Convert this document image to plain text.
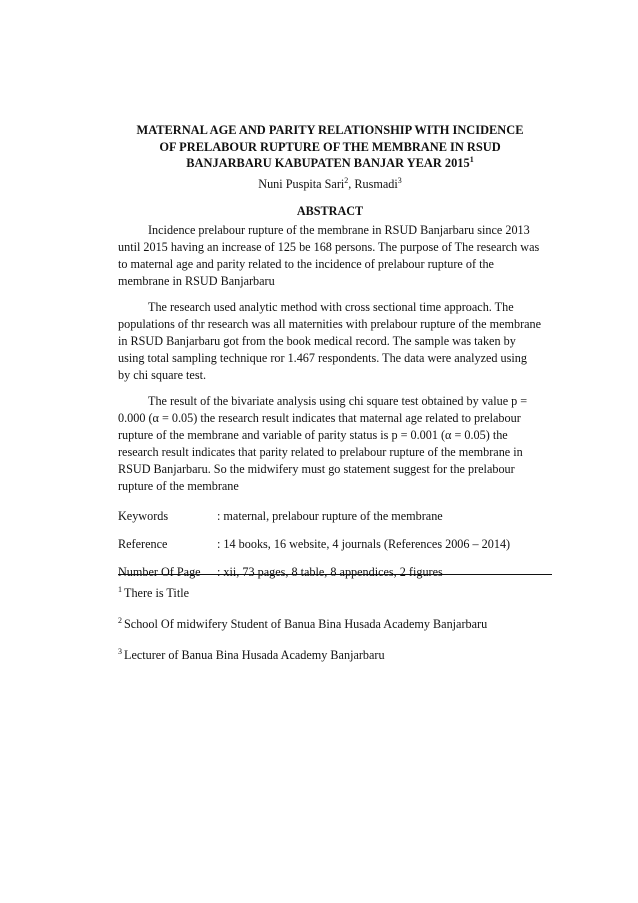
MATERNAL AGE AND PARITY RELATIONSHIP WITH INCIDENCE
OF PRELABOUR RUPTURE OF THE MEMBRANE IN RSUD
BANJARBARU KABUPATEN BANJAR YEAR 2015$^1$
Nuni Puspita Sari$^2$, Rusmadi$^3$
ABSTRACT

Incidence prelabour rupture of the membrane in RSUD Banjarbaru since 2013 until 2015 having an increase of 125 be 168 persons. The purpose of The research was to maternal age and parity related to the incidence of prelabour rupture of the membrane in RSUD Banjarbaru

The research used analytic method with cross sectional time approach. The populations of thr research was all maternities with prelabour rupture of the membrane in RSUD Banjarbaru got from the book medical record. The sample was taken by using total sampling technique ror 1.467 respondents. The data were analyzed using by chi square test.

The result of the bivariate analysis using chi square test obtained by value p = 0.000 (α = 0.05) the research result indicates that maternal age related to prelabour rupture of the membrane and variable of parity status is p = 0.001 (α = 0.05) the research result indicates that parity related to prelabour rupture of the membrane in RSUD Banjarbaru. So the midwifery must go statement suggest for the prelabour rupture of the membrane

Keywords	: maternal, prelabour rupture of the membrane
Reference	: 14 books, 16 website, 4 journals (References 2006 – 2014)
Number Of Page	: xii, 73 pages, 8 table, 8 appendices, 2 figures
$^1$ There is Title
$^2$ School Of midwifery Student of Banua Bina Husada Academy Banjarbaru
$^3$ Lecturer of Banua Bina Husada Academy Banjarbaru
